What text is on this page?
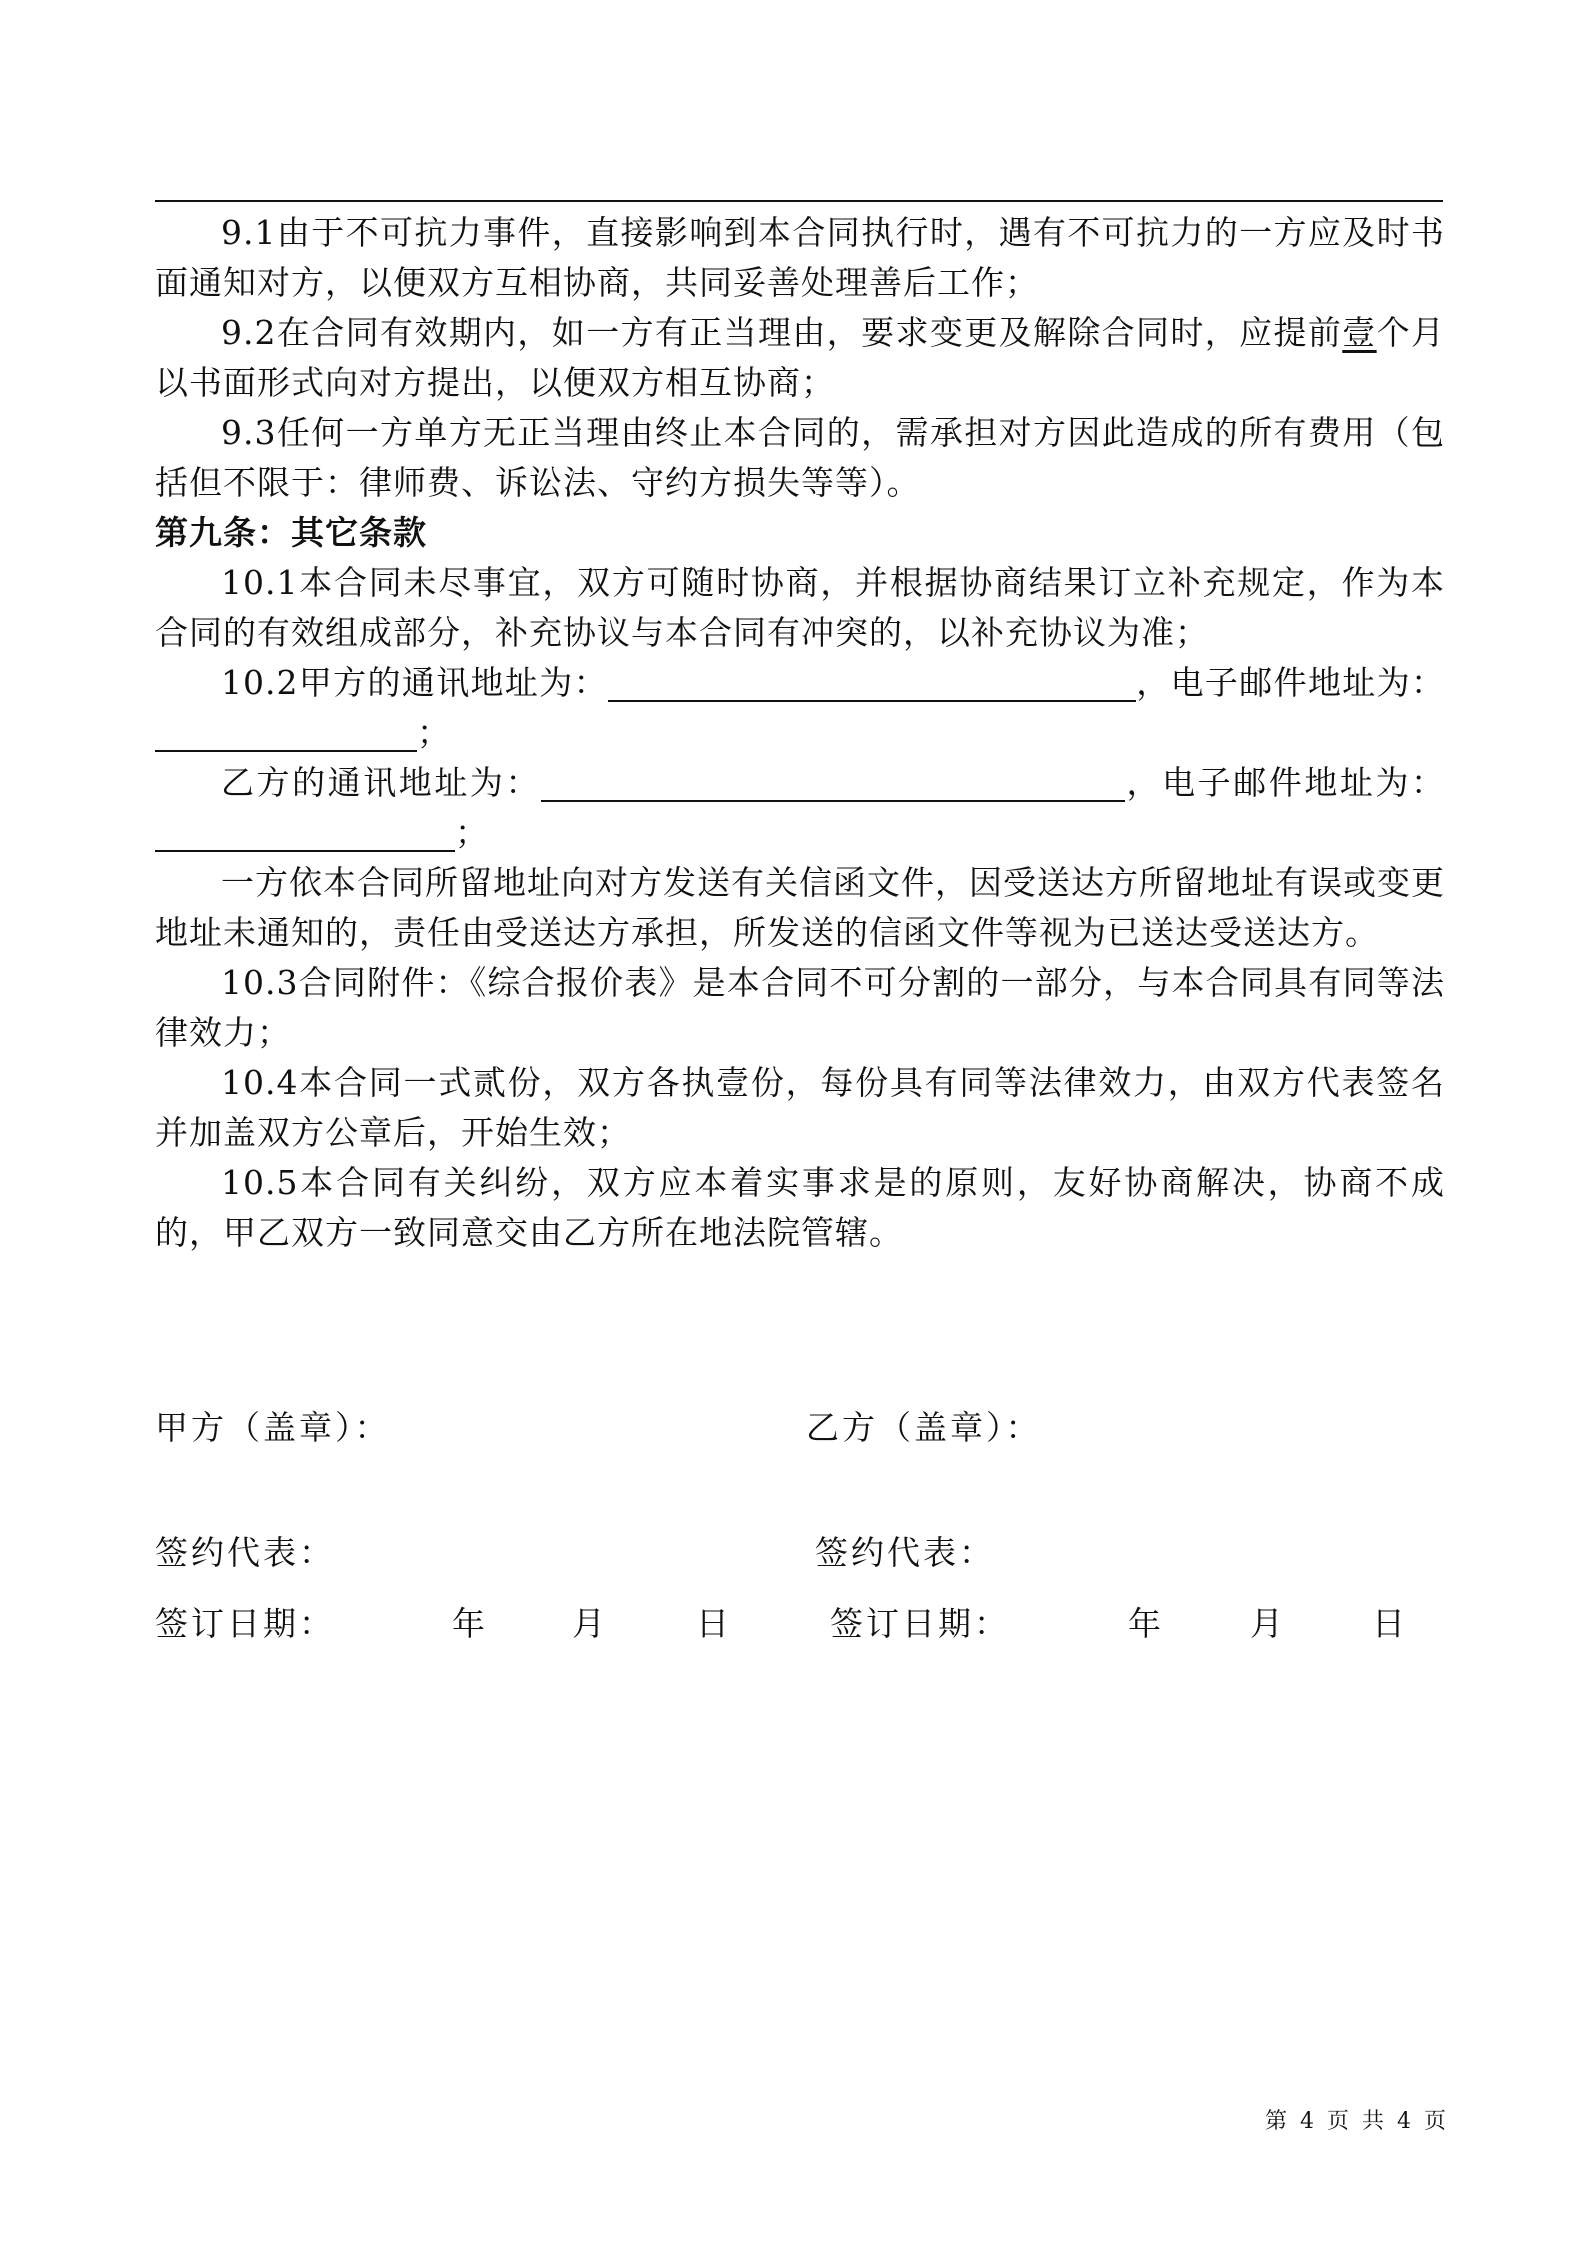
9.1由于不可抗力事件，直接影响到本合同执行时，遇有不可抗力的一方应及时书面通知对方，以便双方互相协商，共同妥善处理善后工作；

9.2在合同有效期内，如一方有正当理由，要求变更及解除合同时，应提前壹个月以书面形式向对方提出，以便双方相互协商；

9.3任何一方单方无正当理由终止本合同的，需承担对方因此造成的所有费用（包括但不限于：律师费、诉讼法、守约方损失等等）。

第九条：其它条款

10.1本合同未尽事宜，双方可随时协商，并根据协商结果订立补充规定，作为本合同的有效组成部分，补充协议与本合同有冲突的，以补充协议为准；

10.2甲方的通讯地址为：	，电子邮件地址为：；

乙方的通讯地址为：	，电子邮件地址为：；

一方依本合同所留地址向对方发送有关信函文件，因受送达方所留地址有误或变更地址未通知的，责任由受送达方承担，所发送的信函文件等视为已送达受送达方。

10.3合同附件：《综合报价表》是本合同不可分割的一部分，与本合同具有同等法律效力；

10.4本合同一式贰份，双方各执壹份，每份具有同等法律效力，由双方代表签名并加盖双方公章后，开始生效；

10.5本合同有关纠纷，双方应本着实事求是的原则，友好协商解决，协商不成的，甲乙双方一致同意交由乙方所在地法院管辖。

甲方（盖章）：	乙方（盖章）：
签约代表：	签约代表：
签订日期：	年	月	日	签订日期：	年	月	日
第 4 页 共 4 页
